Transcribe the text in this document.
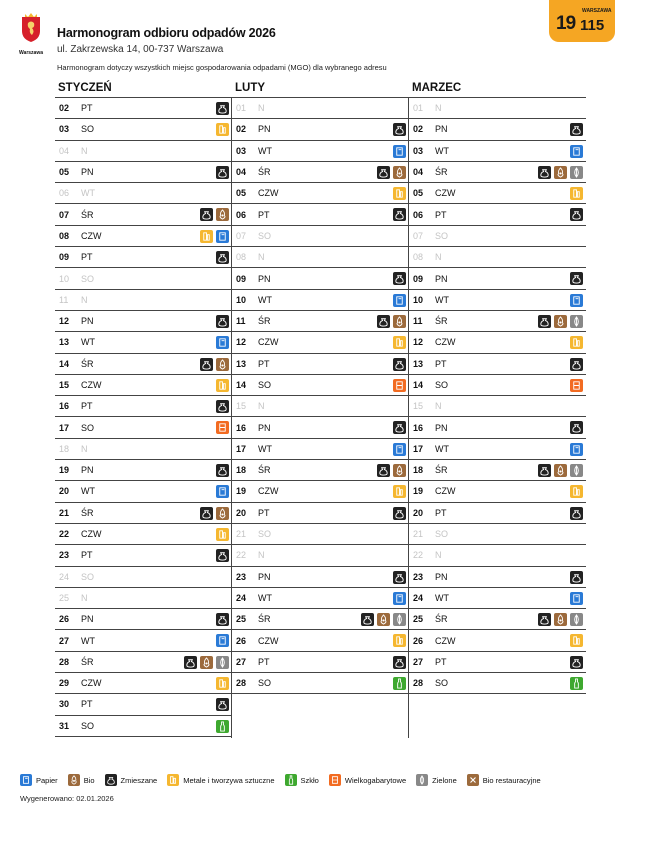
Warszawa
Harmonogram odbioru odpadów 2026
ul. Zakrzewska 14, 00-737 Warszawa
Harmonogram dotyczy wszystkich miejsc gospodarowania odpadami (MGO) dla wybranego adresu
WARSZAWA
19 115
STYCZEŃ
02	PT
03	SO
04	N
05	PN
06	WT
07	ŚR
08	CZW
09	PT
10	SO
11	N
12	PN
13	WT
14	ŚR
15	CZW
16	PT
17	SO
18	N
19	PN
20	WT
21	ŚR
22	CZW
23	PT
24	SO
25	N
26	PN
27	WT
28	ŚR
29	CZW
30	PT
31	SO
LUTY
01	N
02	PN
03	WT
04	ŚR
05	CZW
06	PT
07	SO
08	N
09	PN
10	WT
11	ŚR
12	CZW
13	PT
14	SO
15	N
16	PN
17	WT
18	ŚR
19	CZW
20	PT
21	SO
22	N
23	PN
24	WT
25	ŚR
26	CZW
27	PT
28	SO
MARZEC
01	N
02	PN
03	WT
04	ŚR
05	CZW
06	PT
07	SO
08	N
09	PN
10	WT
11	ŚR
12	CZW
13	PT
14	SO
15	N
16	PN
17	WT
18	ŚR
19	CZW
20	PT
21	SO
22	N
23	PN
24	WT
25	ŚR
26	CZW
27	PT
28	SO
Papier	Bio	Zmieszane	Metale i tworzywa sztuczne	Szkło	Wielkogabarytowe	Zielone	Bio restauracyjne
Wygenerowano: 02.01.2026
